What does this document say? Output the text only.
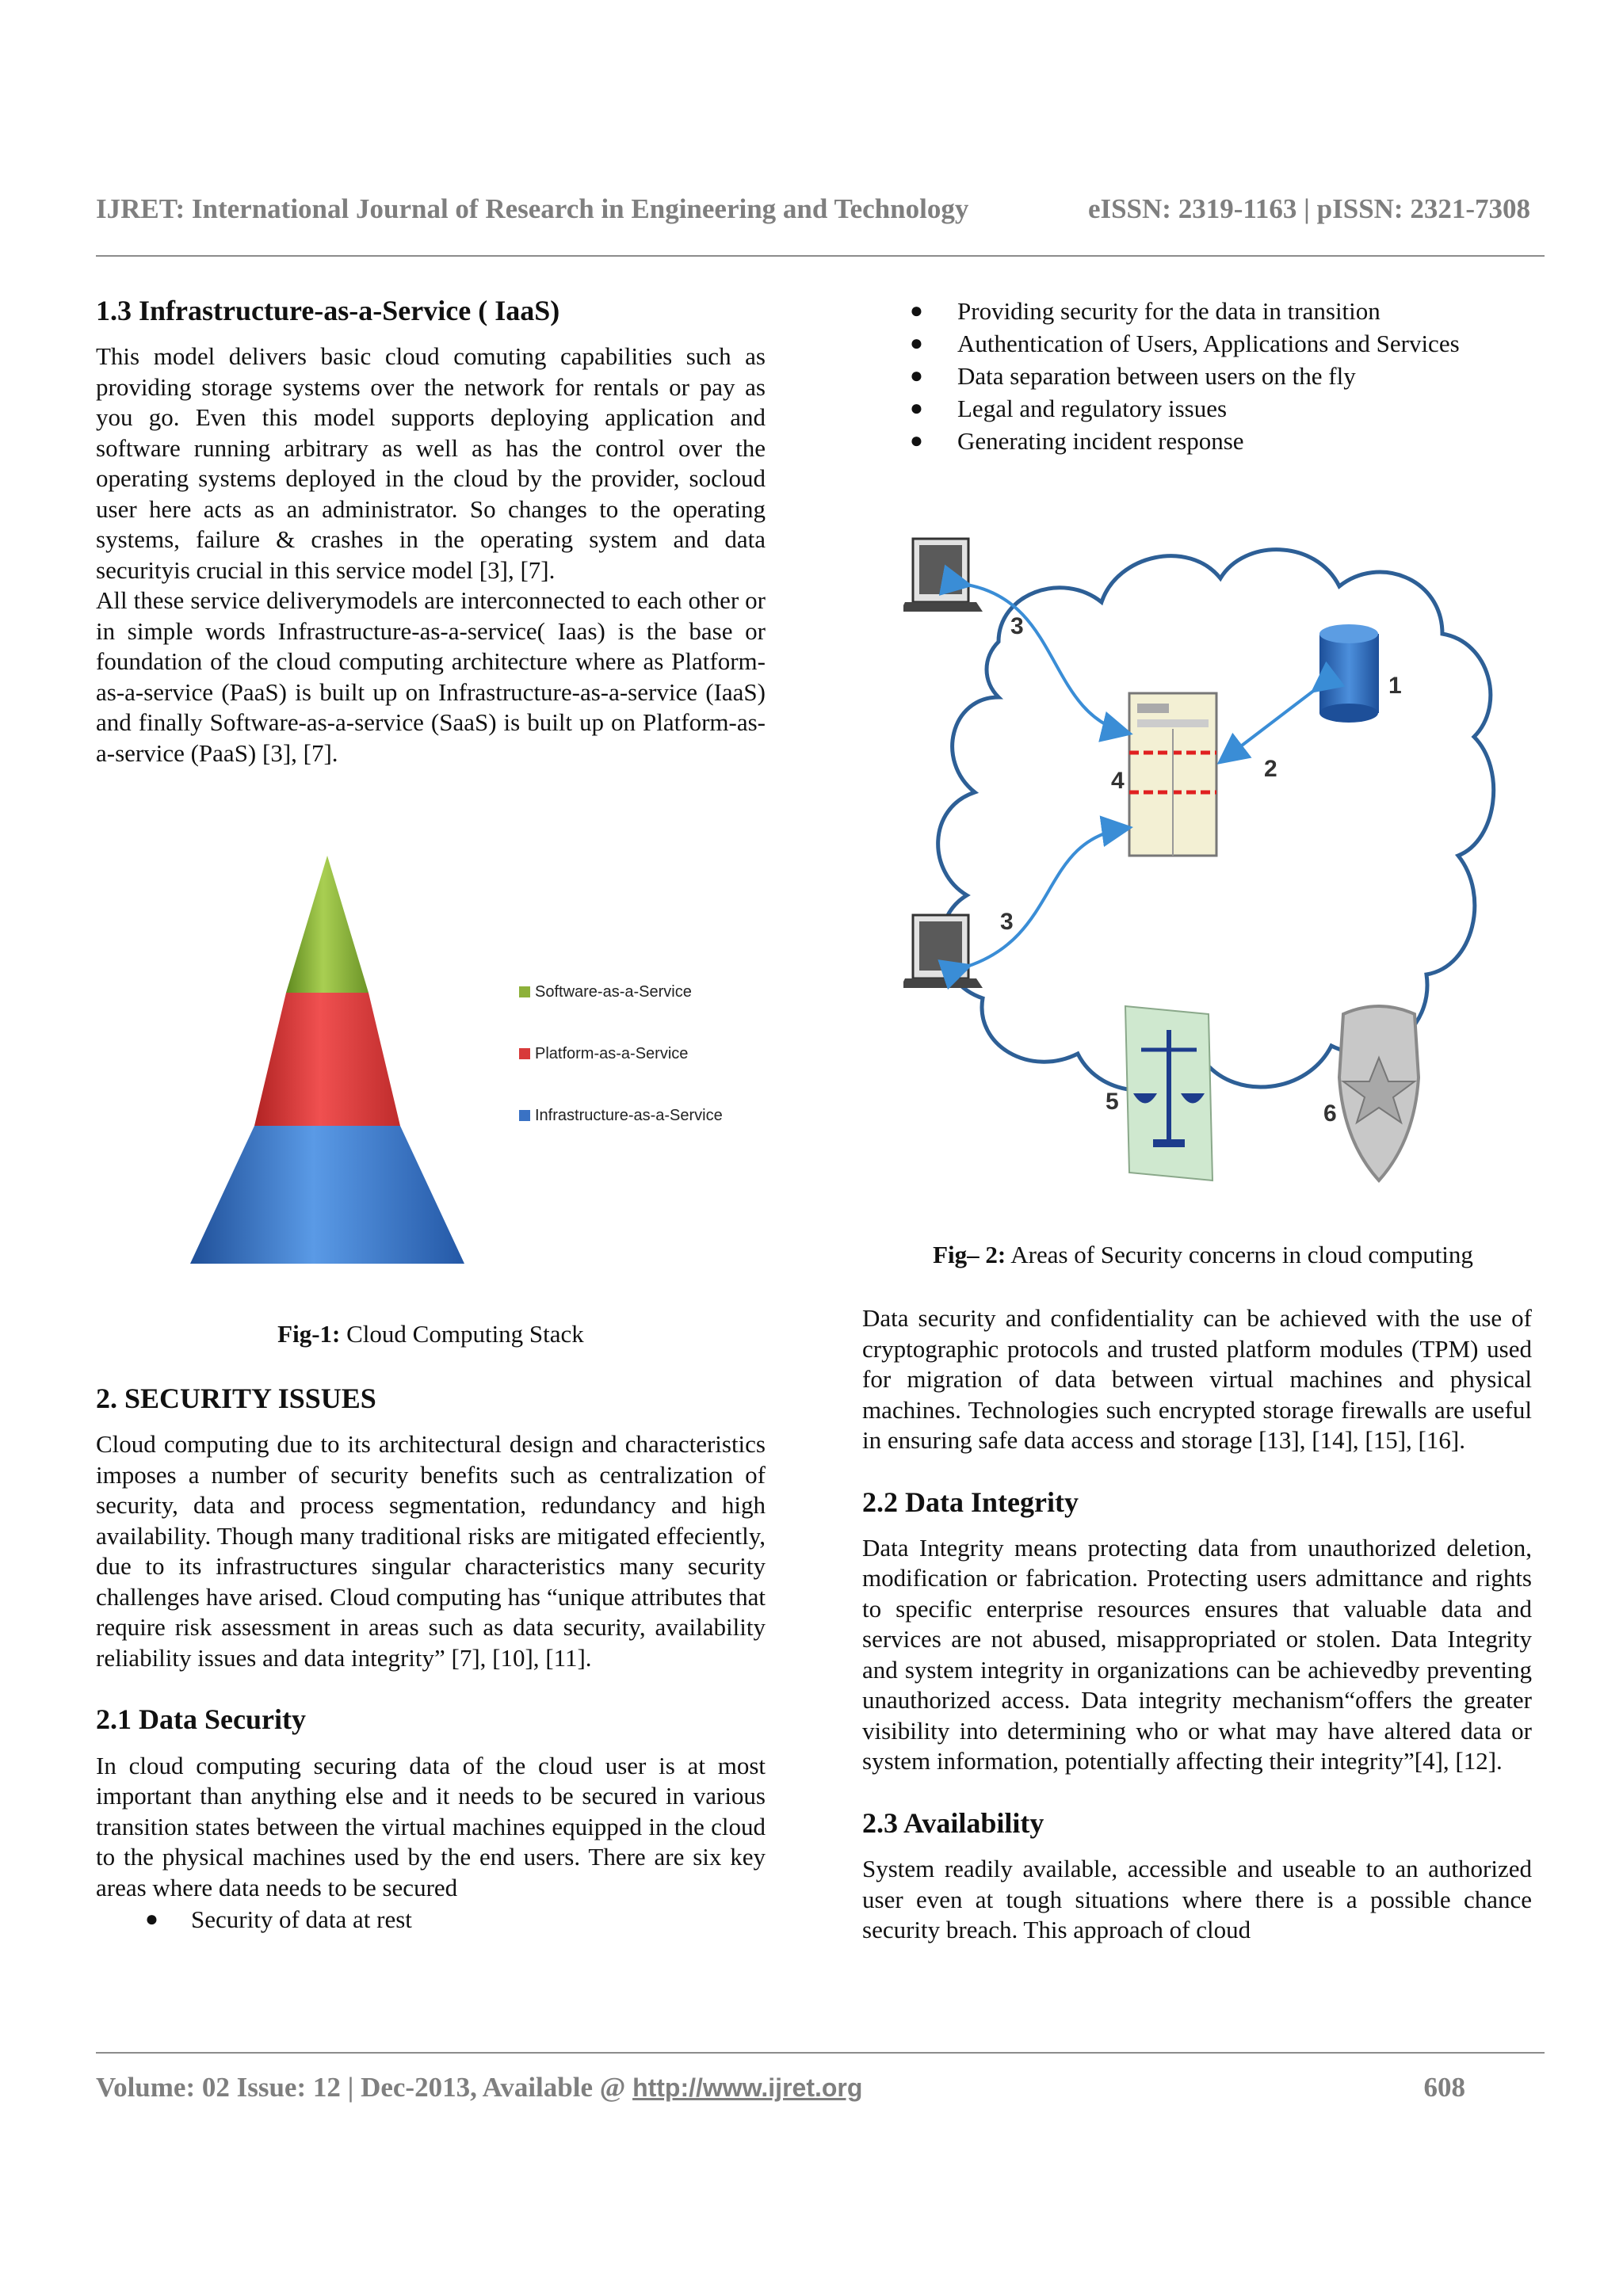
IJRET: International Journal of Research in Engineering and Technology	eISSN: 2319-1163 | pISSN: 2321-7308
1.3 Infrastructure-as-a-Service ( IaaS)

This model delivers basic cloud comuting capabilities such as providing storage systems over the network for rentals or pay as you go. Even this model supports deploying application and software running arbitrary as well as has the control over the operating systems deployed in the cloud by the provider, socloud user here acts as an administrator. So changes to the operating systems, failure & crashes in the operating system and data securityis crucial in this service model [3], [7].

All these service deliverymodels are interconnected to each other or in simple words Infrastructure-as-a-service( Iaas) is the base or foundation of the cloud computing architecture where as Platform-as-a-service (PaaS) is built up on Infrastructure-as-a-service (IaaS) and finally Software-as-a-service (SaaS) is built up on Platform-as-a-service (PaaS) [3], [7].

Software-as-a-Service
Platform-as-a-Service
Infrastructure-as-a-Service
Fig-1: Cloud Computing Stack
2. SECURITY ISSUES

Cloud computing due to its architectural design and characteristics imposes a number of security benefits such as centralization of security, data and process segmentation, redundancy and high availability. Though many traditional risks are mitigated effeciently, due to its infrastructures singular characteristics many security challenges have arised. Cloud computing has “unique attributes that require risk assessment in areas such as data security, availability reliability issues and data integrity” [7], [10], [11].

2.1 Data Security

In cloud computing securing data of the cloud user is at most important than anything else and it needs to be secured in various transition states between the virtual machines equipped in the cloud to the physical machines used by the end users. There are six key areas where data needs to be secured

● Security of data at rest
● Providing security for the data in transition
● Authentication of Users, Applications and Services
● Data separation between users on the fly
● Legal and regulatory issues
● Generating incident response
3
1
2
4
3
5	6
Fig– 2: Areas of Security concerns in cloud computing

Data security and confidentiality can be achieved with the use of cryptographic protocols and trusted platform modules (TPM) used for migration of data between virtual machines and physical machines. Technologies such encrypted storage firewalls are useful in ensuring safe data access and storage [13], [14], [15], [16].

2.2 Data Integrity

Data Integrity means protecting data from unauthorized deletion, modification or fabrication. Protecting users admittance and rights to specific enterprise resources ensures that valuable data and services are not abused, misappropriated or stolen. Data Integrity and system integrity in organizations can be achievedby preventing unauthorized access. Data integrity mechanism“offers the greater visibility into determining who or what may have altered data or system information, potentially affecting their integrity”[4], [12].

2.3 Availability

System readily available, accessible and useable to an authorized user even at tough situations where there is a possible chance security breach. This approach of cloud

Volume: 02 Issue: 12 | Dec-2013, Available @ http://www.ijret.org	608
